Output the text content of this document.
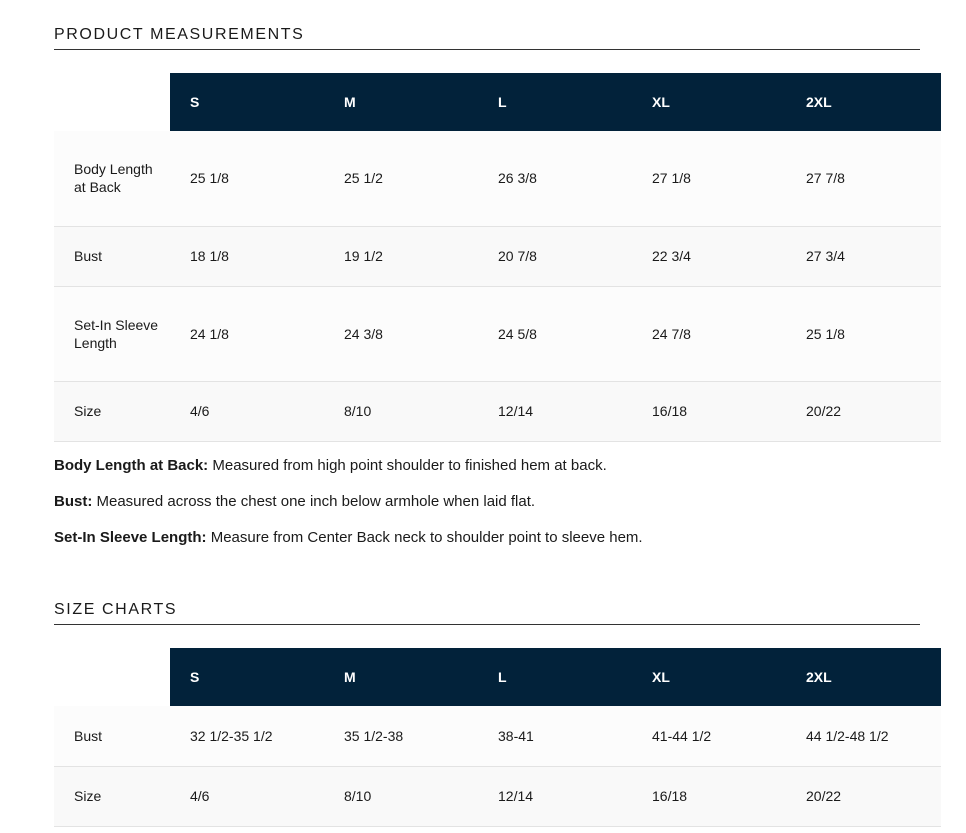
PRODUCT MEASUREMENTS
	S	M	L	XL	2XL
Body Length at Back	25 1/8	25 1/2	26 3/8	27 1/8	27 7/8
Bust	18 1/8	19 1/2	20 7/8	22 3/4	27 3/4
Set-In Sleeve Length	24 1/8	24 3/8	24 5/8	24 7/8	25 1/8
Size	4/6	8/10	12/14	16/18	20/22
Body Length at Back: Measured from high point shoulder to finished hem at back.
Bust: Measured across the chest one inch below armhole when laid flat.
Set-In Sleeve Length: Measure from Center Back neck to shoulder point to sleeve hem.
SIZE CHARTS
	S	M	L	XL	2XL
Bust	32 1/2-35 1/2	35 1/2-38	38-41	41-44 1/2	44 1/2-48 1/2
Size	4/6	8/10	12/14	16/18	20/22
